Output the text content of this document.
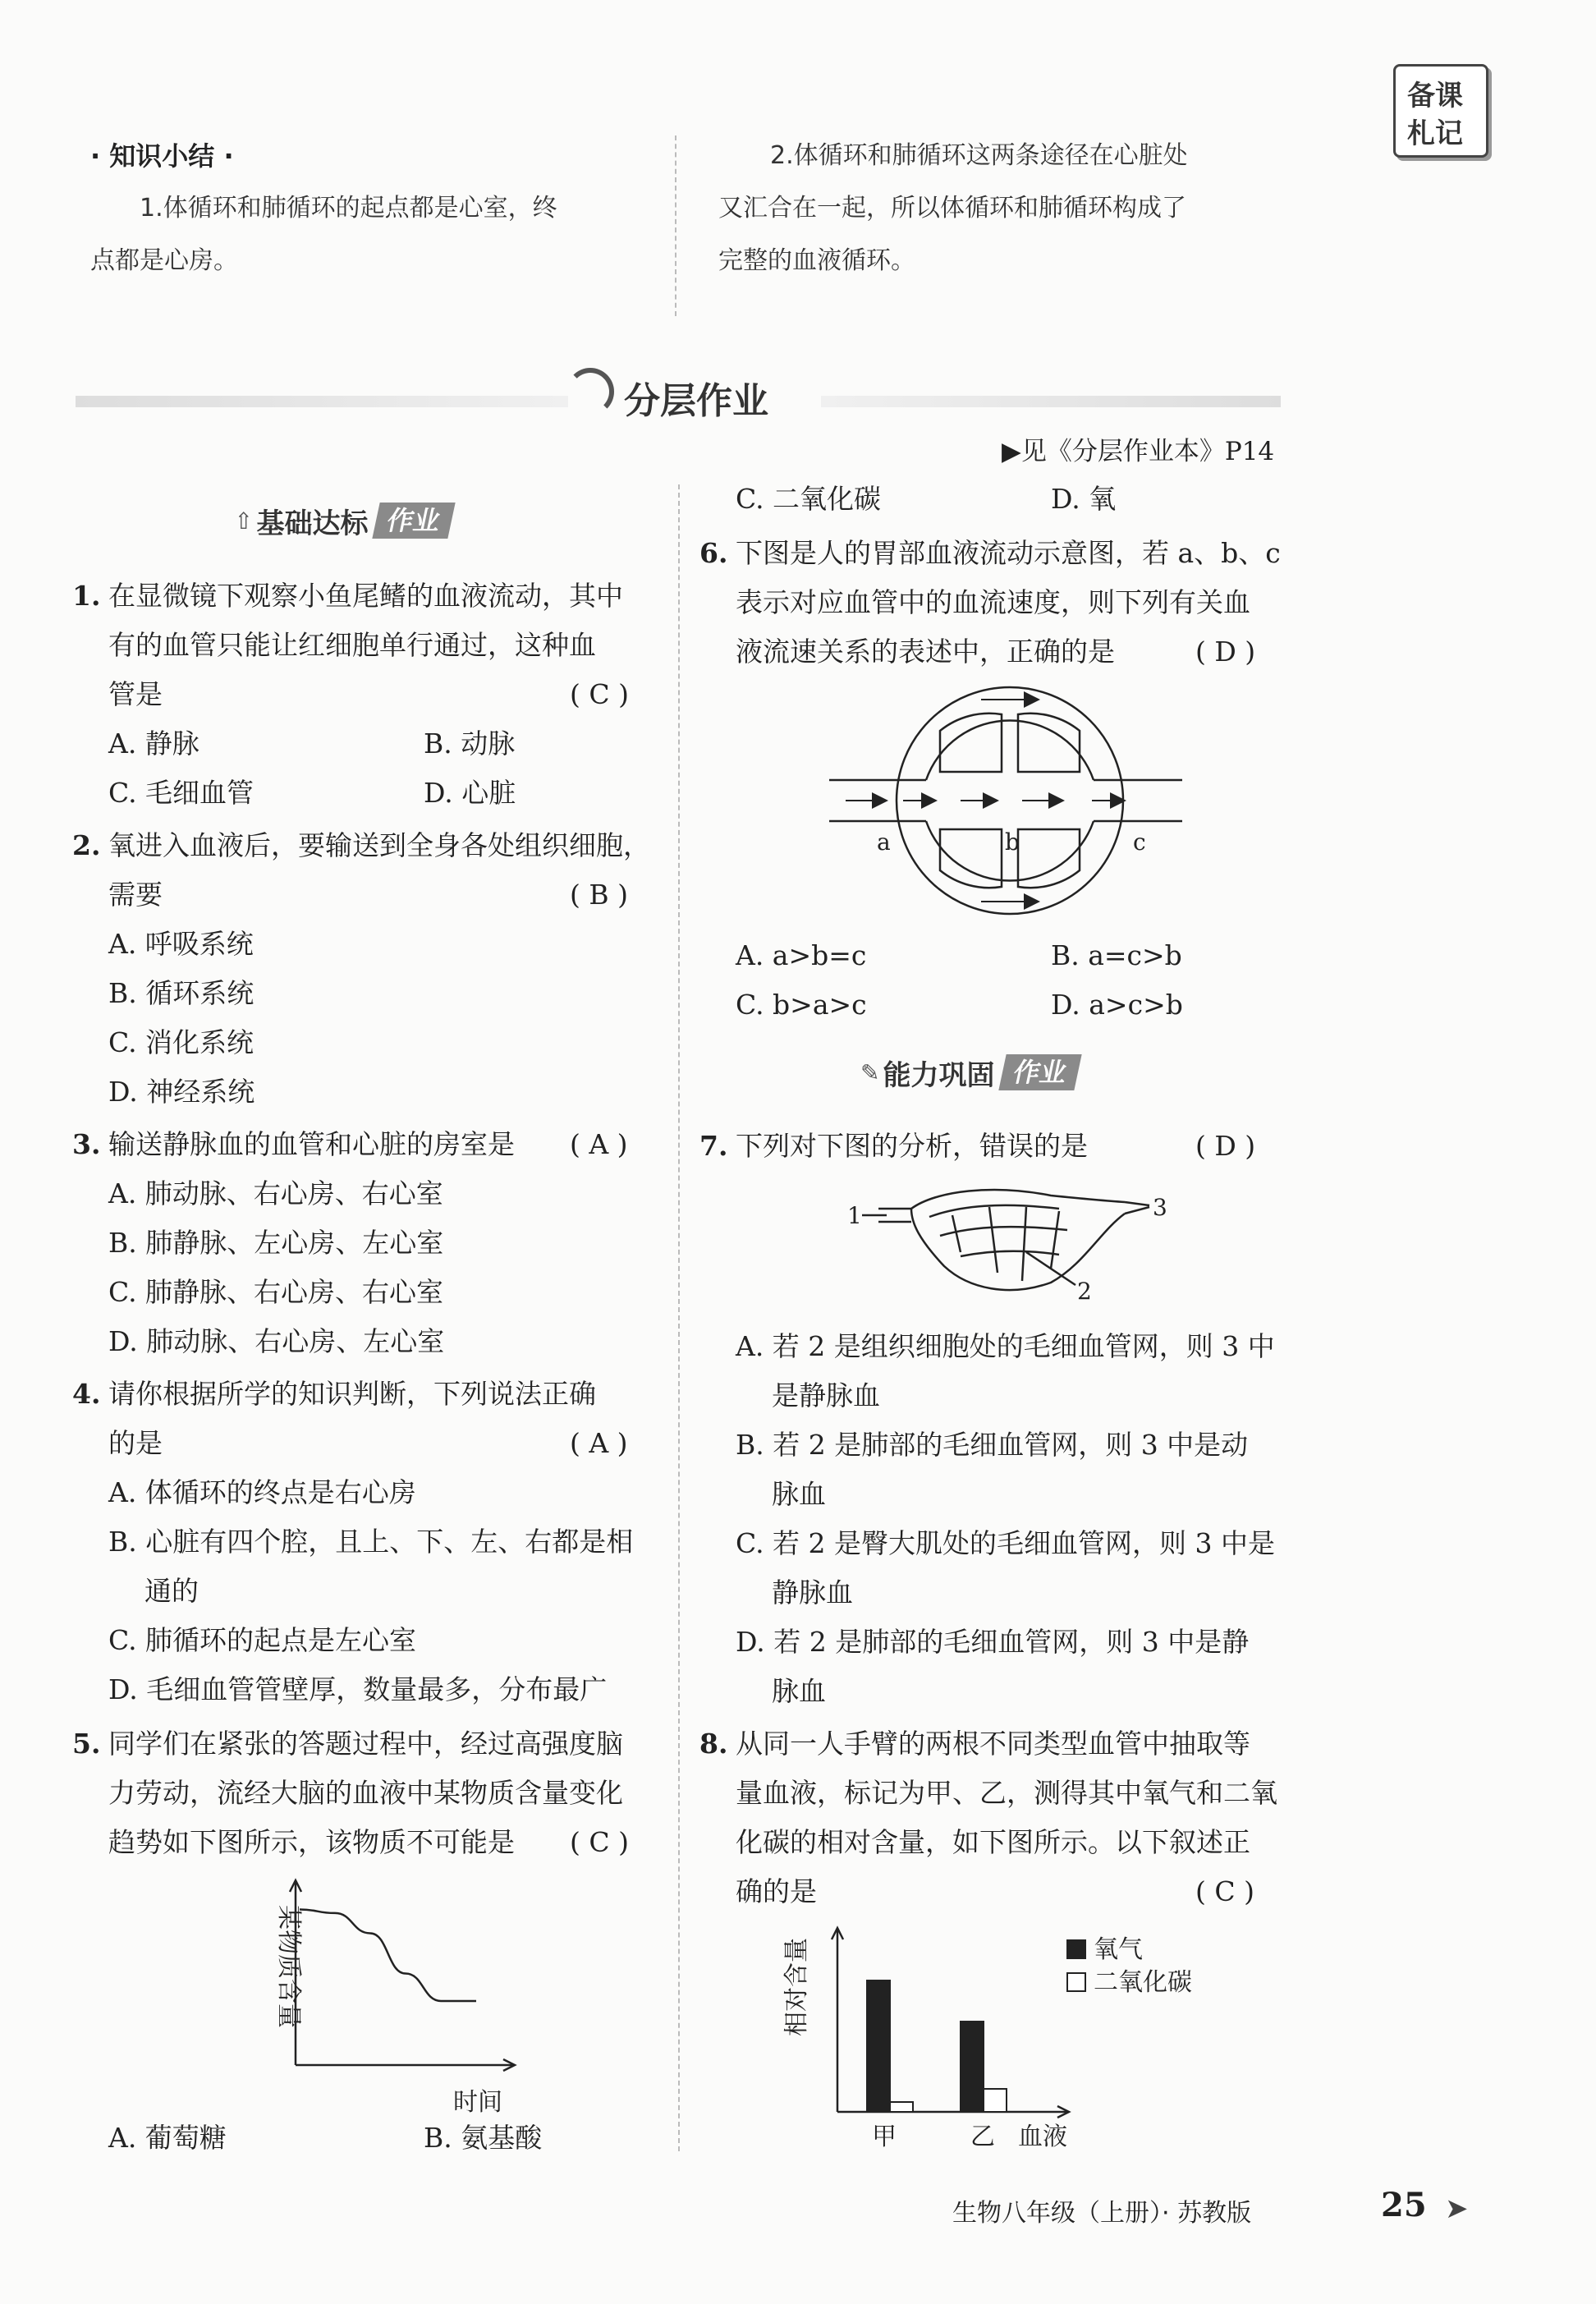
备课
札记
· 知识小结 ·
1.体循环和肺循环的起点都是心室，终
点都是心房。
2.体循环和肺循环这两条途径在心脏处
又汇合在一起，所以体循环和肺循环构成了
完整的血液循环。
分层作业
▶见《分层作业本》P14
⇧ 基础达标 作业
1. 在显微镜下观察小鱼尾鳍的血液流动，其中
有的血管只能让红细胞单行通过，这种血
管是	( C )
A. 静脉	B. 动脉
C. 毛细血管	D. 心脏
2. 氧进入血液后，要输送到全身各处组织细胞，
需要	( B )
A. 呼吸系统
B. 循环系统
C. 消化系统
D. 神经系统
3. 输送静脉血的血管和心脏的房室是 ( A )
A. 肺动脉、右心房、右心室
B. 肺静脉、左心房、左心室
C. 肺静脉、右心房、右心室
D. 肺动脉、右心房、左心室
4. 请你根据所学的知识判断，下列说法正确
的是	( A )
A. 体循环的终点是右心房
B. 心脏有四个腔，且上、下、左、右都是相
通的
C. 肺循环的起点是左心室
D. 毛细血管管壁厚，数量最多，分布最广
5. 同学们在紧张的答题过程中，经过高强度脑
力劳动，流经大脑的血液中某物质含量变化
趋势如下图所示，该物质不可能是 ( C )
某物质含量
时间
A. 葡萄糖	B. 氨基酸
C. 二氧化碳	D. 氧
6. 下图是人的胃部血液流动示意图，若 a、b、c
表示对应血管中的血流速度，则下列有关血
液流速关系的表述中，正确的是	( D )
a	b	c
A. a>b=c	B. a=c>b
C. b>a>c	D. a>c>b
✎ 能力巩固 作业
7. 下列对下图的分析，错误的是	( D )
1
2
3
A. 若 2 是组织细胞处的毛细血管网，则 3 中
是静脉血
B. 若 2 是肺部的毛细血管网，则 3 中是动
脉血
C. 若 2 是臀大肌处的毛细血管网，则 3 中是
静脉血
D. 若 2 是肺部的毛细血管网，则 3 中是静
脉血
8. 从同一人手臂的两根不同类型血管中抽取等
量血液，标记为甲、乙，测得其中氧气和二氧
化碳的相对含量，如下图所示。以下叙述正
确的是	( C )
相对含量
血液
甲	乙
氧气
二氧化碳
生物八年级（上册）· 苏教版	25 ➤
